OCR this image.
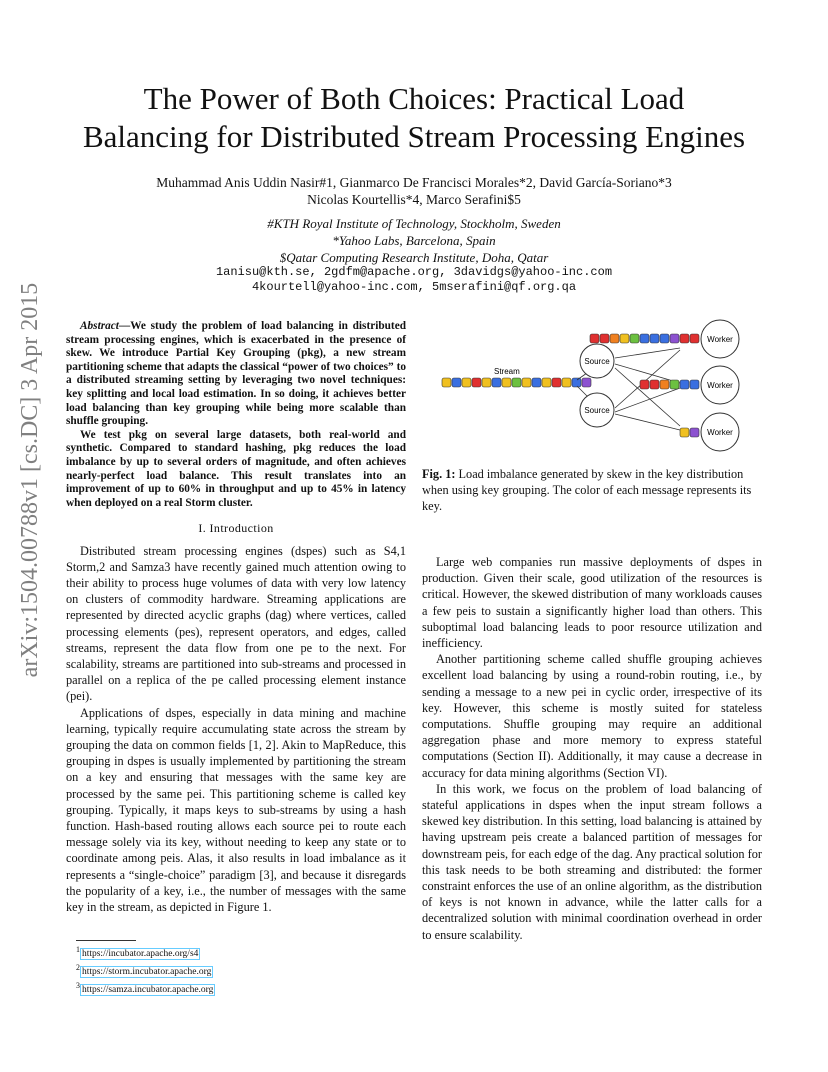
The Power of Both Choices: Practical Load
Balancing for Distributed Stream Processing Engines
Muhammad Anis Uddin Nasir#1, Gianmarco De Francisci Morales*2, David García-Soriano*3
Nicolas Kourtellis*4, Marco Serafini$5
#KTH Royal Institute of Technology, Stockholm, Sweden
*Yahoo Labs, Barcelona, Spain
$Qatar Computing Research Institute, Doha, Qatar
1anisu@kth.se, 2gdfm@apache.org, 3davidgs@yahoo-inc.com
4kourtell@yahoo-inc.com, 5mserafini@qf.org.qa
arXiv:1504.00788v1 [cs.DC] 3 Apr 2015	Abstract—We study the problem of load balancing in distributed stream processing engines, which is exacerbated in the presence of skew. We introduce Partial Key Grouping (pkg), a new stream partitioning scheme that adapts the classical “power of two choices” to a distributed streaming setting by leveraging two novel techniques: key splitting and local load estimation. In so doing, it achieves better load balancing than key grouping while being more scalable than shuffle grouping.

We test pkg on several large datasets, both real-world and synthetic. Compared to standard hashing, pkg reduces the load imbalance by up to several orders of magnitude, and often achieves nearly-perfect load balance. This result translates into an improvement of up to 60% in throughput and up to 45% in latency when deployed on a real Storm cluster.

I. Introduction

Distributed stream processing engines (dspes) such as S4,1 Storm,2 and Samza3 have recently gained much attention owing to their ability to process huge volumes of data with very low latency on clusters of commodity hardware. Streaming applications are represented by directed acyclic graphs (dag) where vertices, called processing elements (pes), represent operators, and edges, called streams, represent the data flow from one pe to the next. For scalability, streams are partitioned into sub-streams and processed in parallel on a replica of the pe called processing element instance (pei).

Applications of dspes, especially in data mining and machine learning, typically require accumulating state across the stream by grouping the data on common fields [1, 2]. Akin to MapReduce, this grouping in dspes is usually implemented by partitioning the stream on a key and ensuring that messages with the same key are processed by the same pei. This partitioning scheme is called key grouping. Typically, it maps keys to sub-streams by using a hash function. Hash-based routing allows each source pei to route each message solely via its key, without needing to keep any state or to coordinate among peis. Alas, it also results in load imbalance as it represents a “single-choice” paradigm [3], and because it disregards the popularity of a key, i.e., the number of messages with the same key in the stream, as depicted in Figure 1.

Stream
Source
Source
Worker
Worker
Worker
Fig. 1: Load imbalance generated by skew in the key distribution when using key grouping. The color of each message represents its key.

Large web companies run massive deployments of dspes in production. Given their scale, good utilization of the resources is critical. However, the skewed distribution of many workloads causes a few peis to sustain a significantly higher load than others. This suboptimal load balancing leads to poor resource utilization and inefficiency.

Another partitioning scheme called shuffle grouping achieves excellent load balancing by using a round-robin routing, i.e., by sending a message to a new pei in cyclic order, irrespective of its key. However, this scheme is mostly suited for stateless computations. Shuffle grouping may require an additional aggregation phase and more memory to express stateful computations (Section II). Additionally, it may cause a decrease in accuracy for data mining algorithms (Section VI).

In this work, we focus on the problem of load balancing of stateful applications in dspes when the input stream follows a skewed key distribution. In this setting, load balancing is attained by having upstream peis create a balanced partition of messages for downstream peis, for each edge of the dag. Any practical solution for this task needs to be both streaming and distributed: the former constraint enforces the use of an online algorithm, as the distribution of keys is not known in advance, while the latter calls for a decentralized solution with minimal coordination overhead in order to ensure scalability.

$^1$ https://incubator.apache.org/s4
$^2$ https://storm.incubator.apache.org
$^3$ https://samza.incubator.apache.org
